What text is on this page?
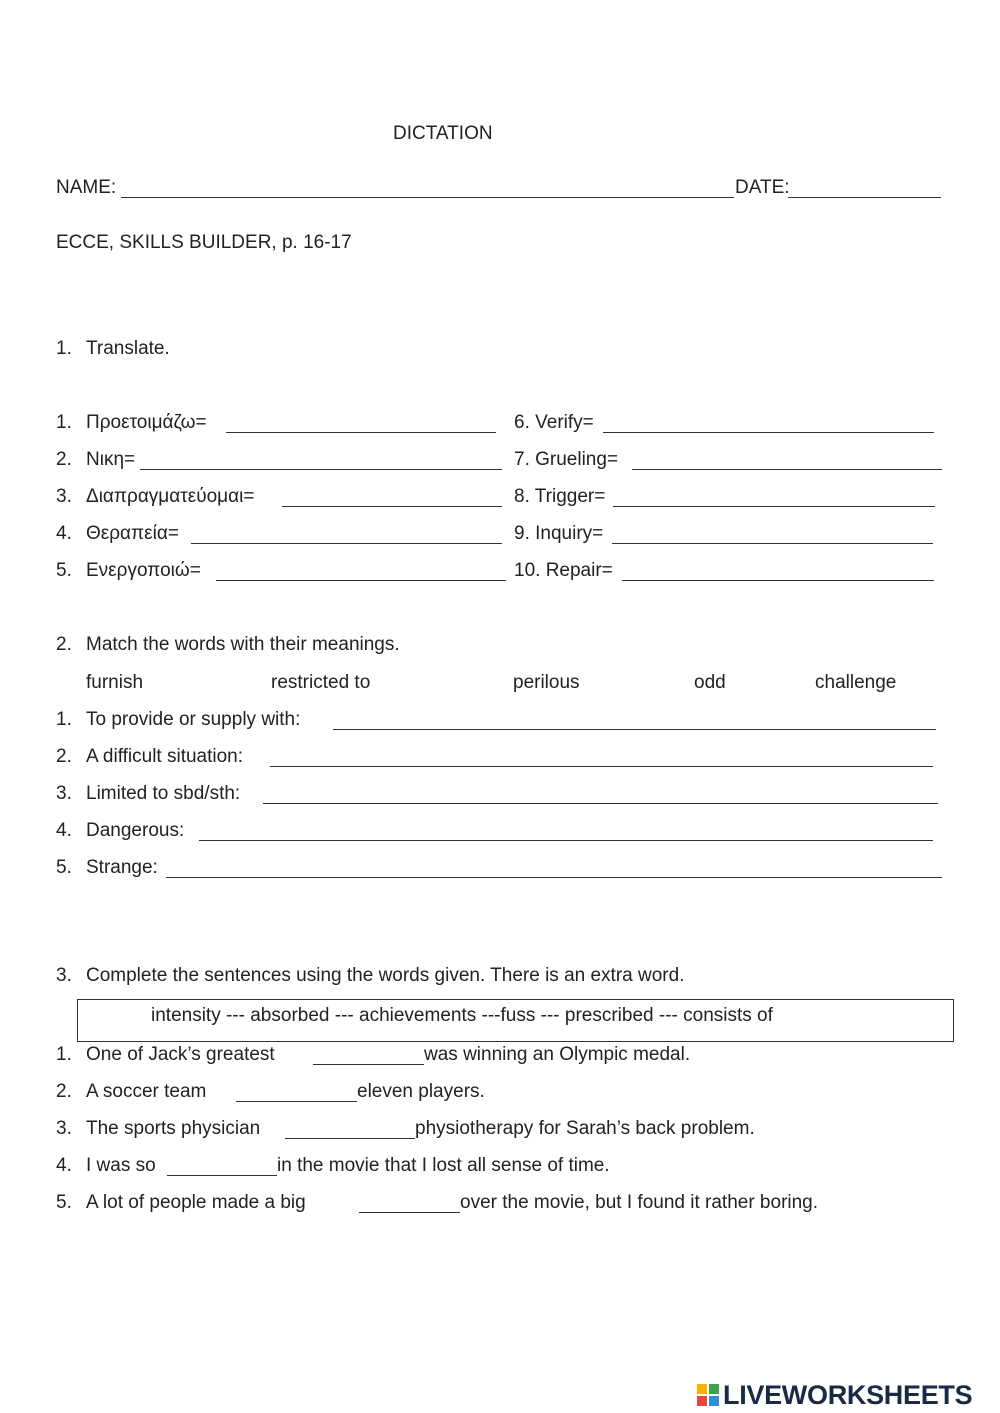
DICTATION
NAME:	DATE:
ECCE, SKILLS BUILDER, p. 16-17
1. Translate.
1. Προετοιμάζω=
2. Νικη=
3. Διαπραγματεύομαι=
4. Θεραπεία=
5. Ενεργοποιώ=
6. Verify=
7. Grueling=
8. Trigger=
9. Inquiry=
10. Repair=
2. Match the words with their meanings.
furnish	restricted to	perilous	odd	challenge
1. To provide or supply with:
2. A difficult situation:
3. Limited to sbd/sth:
4. Dangerous:
5. Strange:
3. Complete the sentences using the words given. There is an extra word.
intensity --- absorbed --- achievements ---fuss --- prescribed --- consists of
1. One of Jack’s greatest	was winning an Olympic medal.
2. A soccer team	eleven players.
3. The sports physician	physiotherapy for Sarah’s back problem.
4. I was so	in the movie that I lost all sense of time.
5. A lot of people made a big	over the movie, but I found it rather boring.
LIVEWORKSHEETS
